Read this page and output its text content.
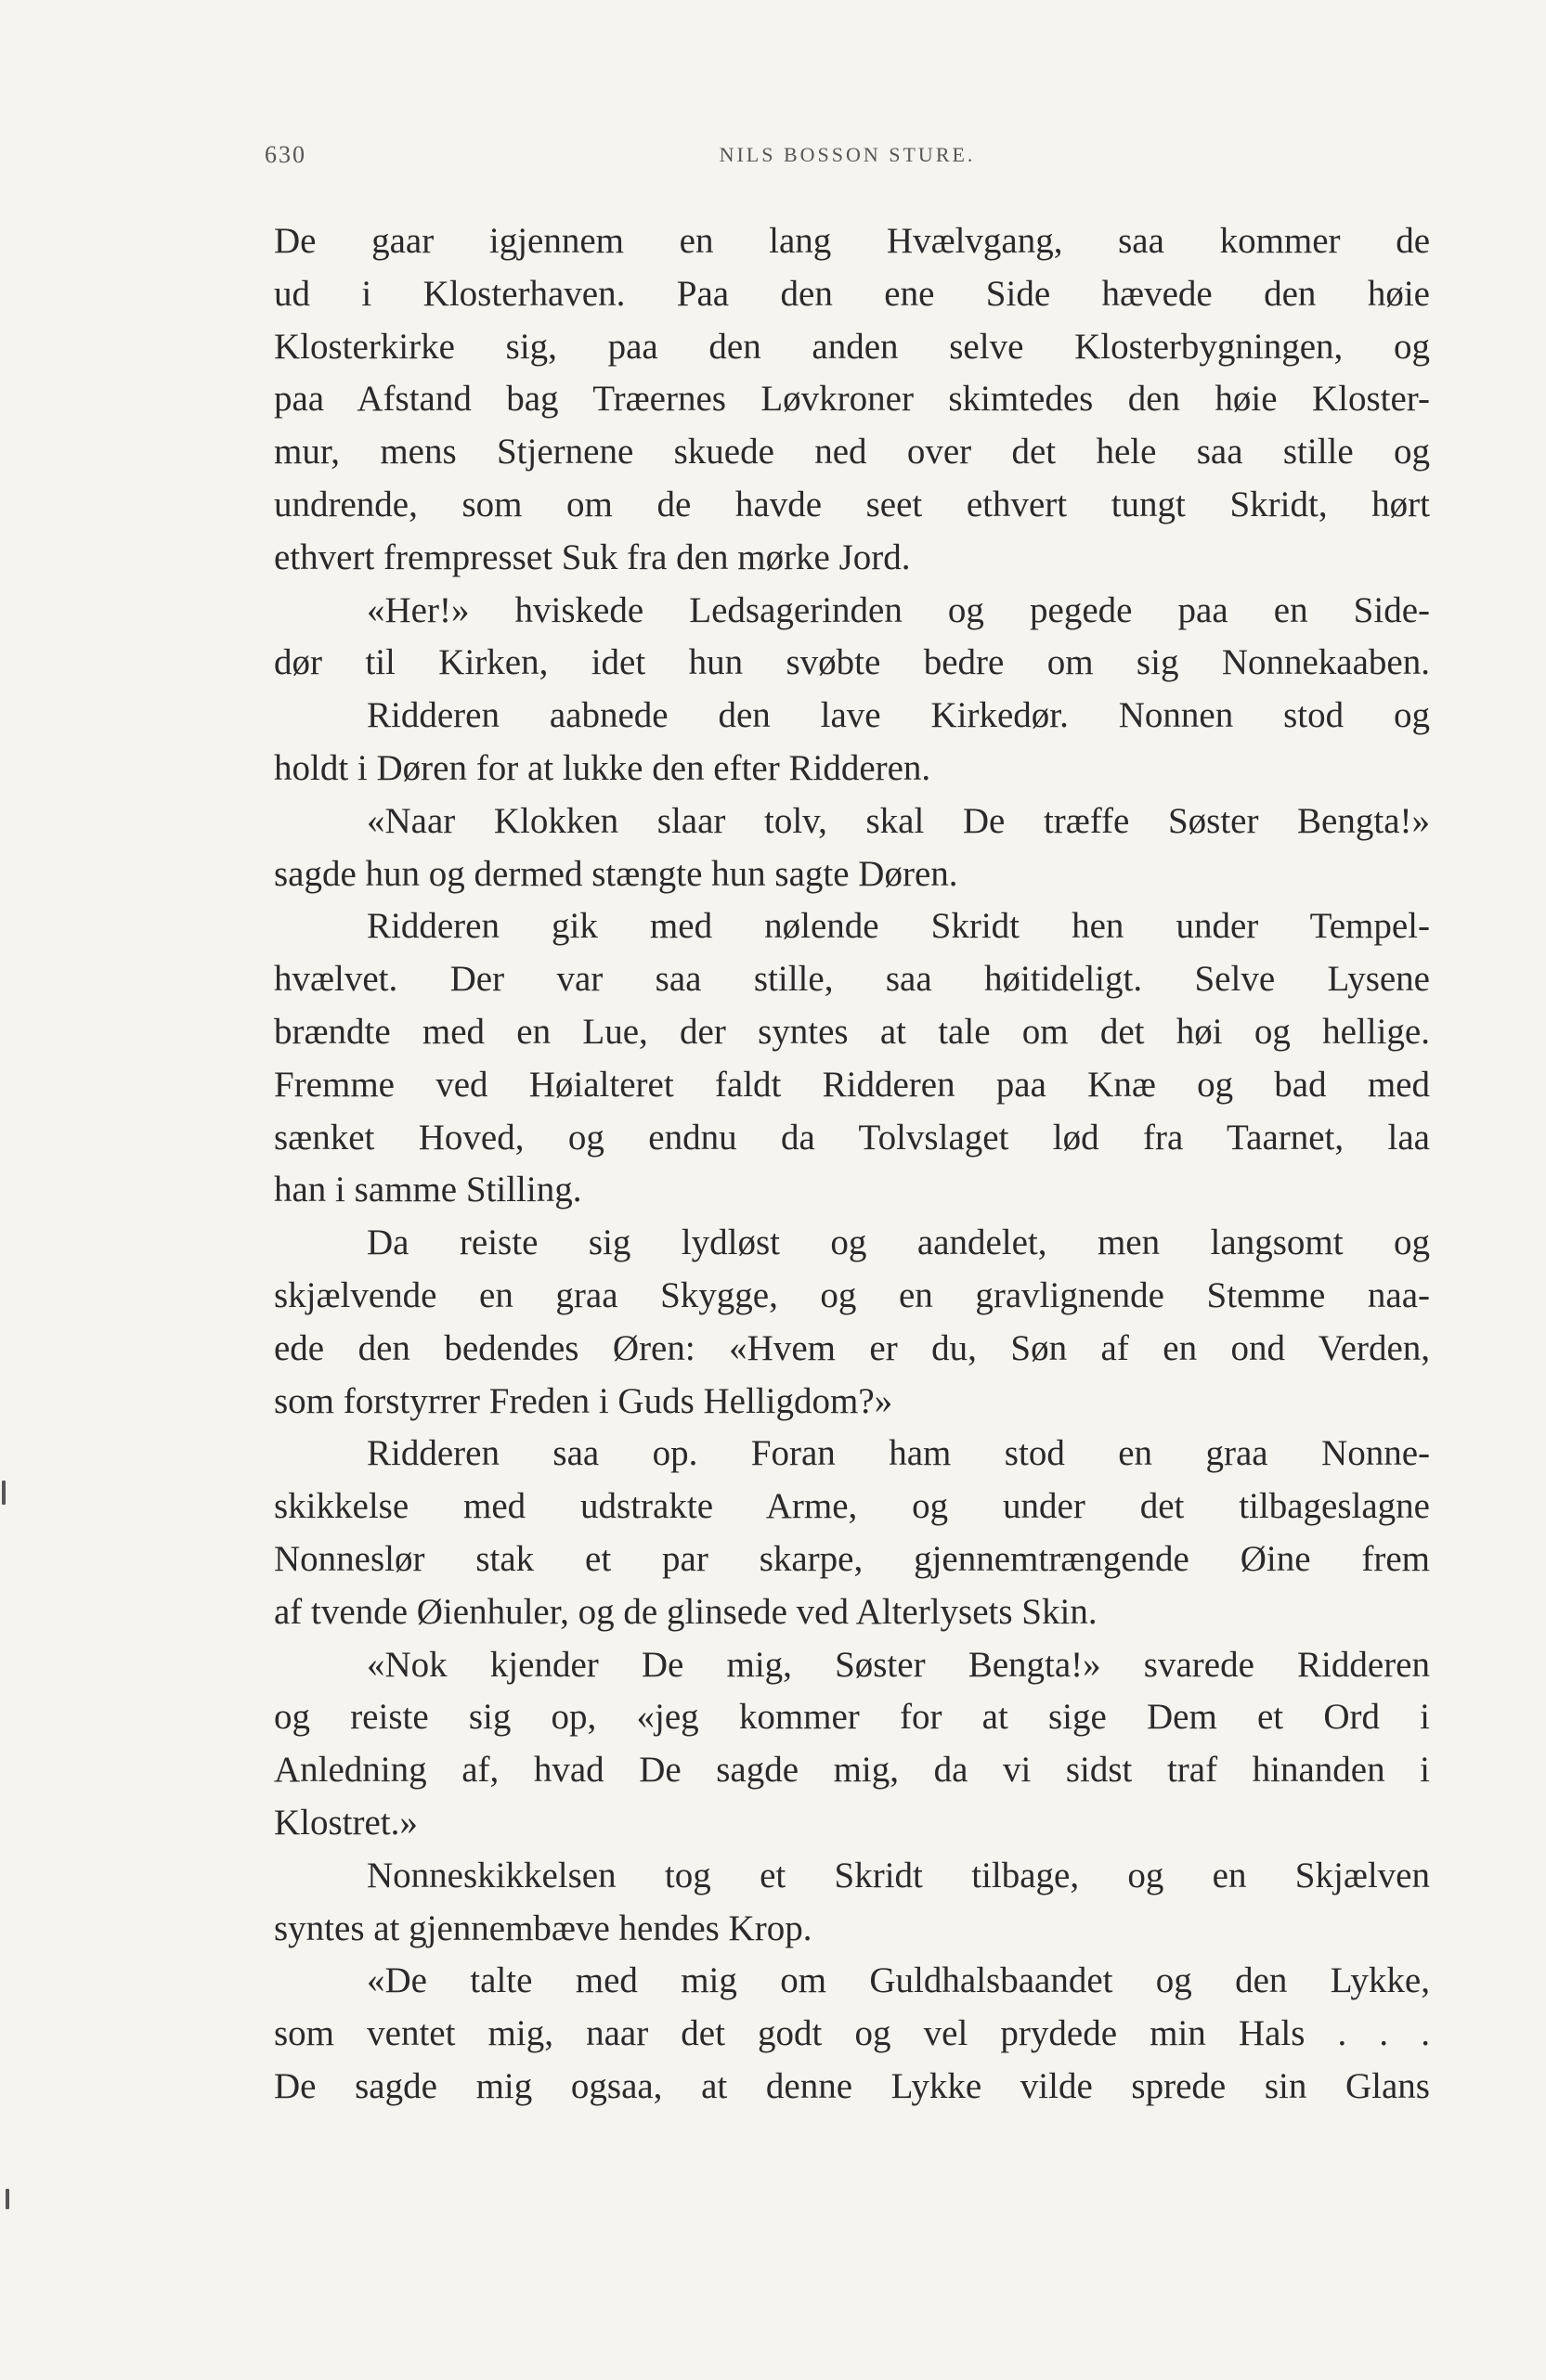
630	NILS BOSSON STURE.
De gaar igjennem en lang Hvælvgang, saa kommer de
ud i Klosterhaven. Paa den ene Side hævede den høie
Klosterkirke sig, paa den anden selve Klosterbygningen, og
paa Afstand bag Træernes Løvkroner skimtedes den høie Kloster-
mur, mens Stjernene skuede ned over det hele saa stille og
undrende, som om de havde seet ethvert tungt Skridt, hørt
ethvert frempresset Suk fra den mørke Jord.
«Her!» hviskede Ledsagerinden og pegede paa en Side-
dør til Kirken, idet hun svøbte bedre om sig Nonnekaaben.
Ridderen aabnede den lave Kirkedør. Nonnen stod og
holdt i Døren for at lukke den efter Ridderen.
«Naar Klokken slaar tolv, skal De træffe Søster Bengta!»
sagde hun og dermed stængte hun sagte Døren.
Ridderen gik med nølende Skridt hen under Tempel-
hvælvet. Der var saa stille, saa høitideligt. Selve Lysene
brændte med en Lue, der syntes at tale om det høi og hellige.
Fremme ved Høialteret faldt Ridderen paa Knæ og bad med
sænket Hoved, og endnu da Tolvslaget lød fra Taarnet, laa
han i samme Stilling.
Da reiste sig lydløst og aandelet, men langsomt og
skjælvende en graa Skygge, og en gravlignende Stemme naa-
ede den bedendes Øren: «Hvem er du, Søn af en ond Verden,
som forstyrrer Freden i Guds Helligdom?»
Ridderen saa op. Foran ham stod en graa Nonne-
skikkelse med udstrakte Arme, og under det tilbageslagne
Nonneslør stak et par skarpe, gjennemtrængende Øine frem
af tvende Øienhuler, og de glinsede ved Alterlysets Skin.
«Nok kjender De mig, Søster Bengta!» svarede Ridderen
og reiste sig op, «jeg kommer for at sige Dem et Ord i
Anledning af, hvad De sagde mig, da vi sidst traf hinanden i
Klostret.»
Nonneskikkelsen tog et Skridt tilbage, og en Skjælven
syntes at gjennembæve hendes Krop.
«De talte med mig om Guldhalsbaandet og den Lykke,
som ventet mig, naar det godt og vel prydede min Hals . . .
De sagde mig ogsaa, at denne Lykke vilde sprede sin Glans
